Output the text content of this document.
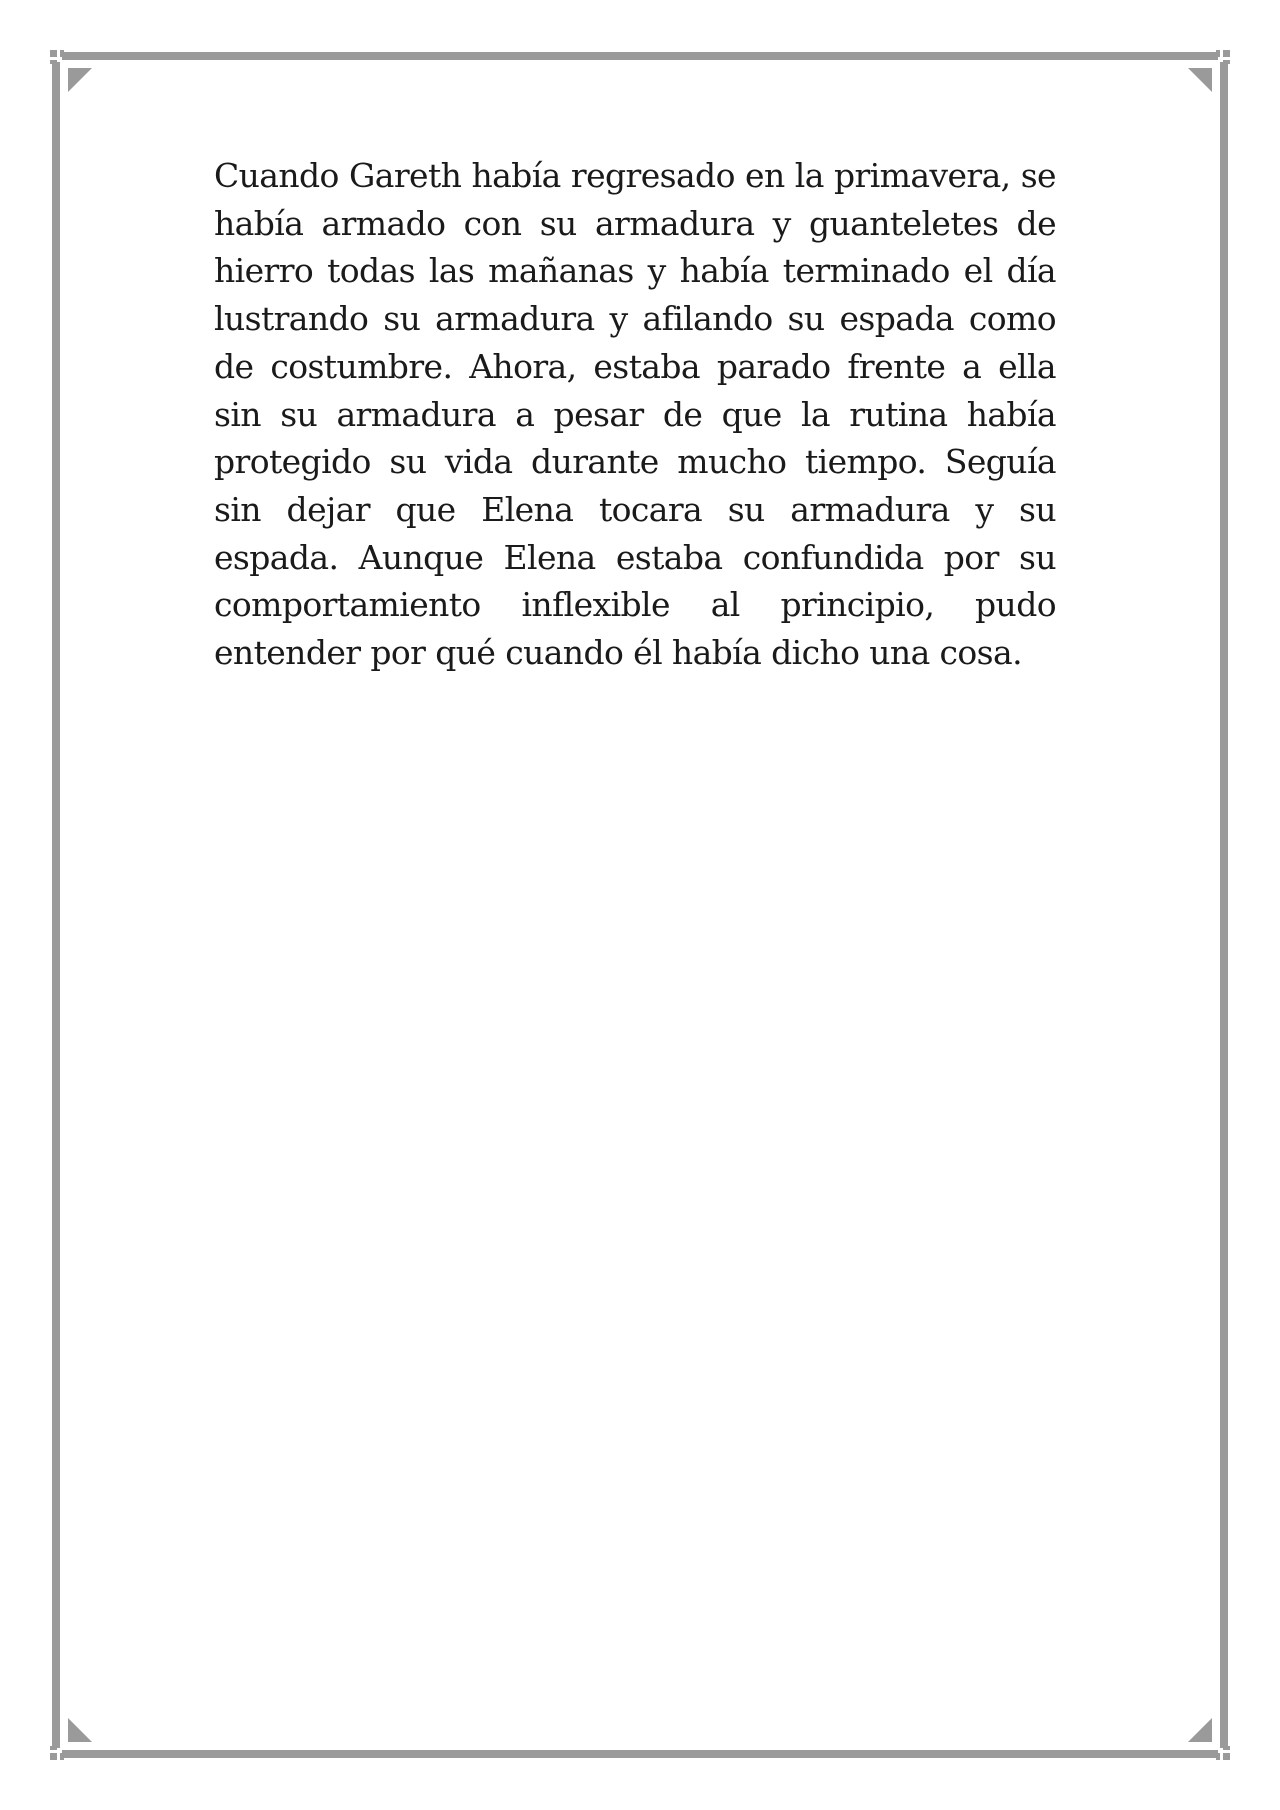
Cuando Gareth había regresado en la primavera, se había armado con su armadura y guanteletes de hierro todas las mañanas y había terminado el día lustrando su armadura y afilando su espada como de costumbre. Ahora, estaba parado frente a ella sin su armadura a pesar de que la rutina había protegido su vida durante mucho tiempo. Seguía sin dejar que Elena tocara su armadura y su espada. Aunque Elena estaba confundida por su comportamiento inflexible al principio, pudo entender por qué cuando él había dicho una cosa.
